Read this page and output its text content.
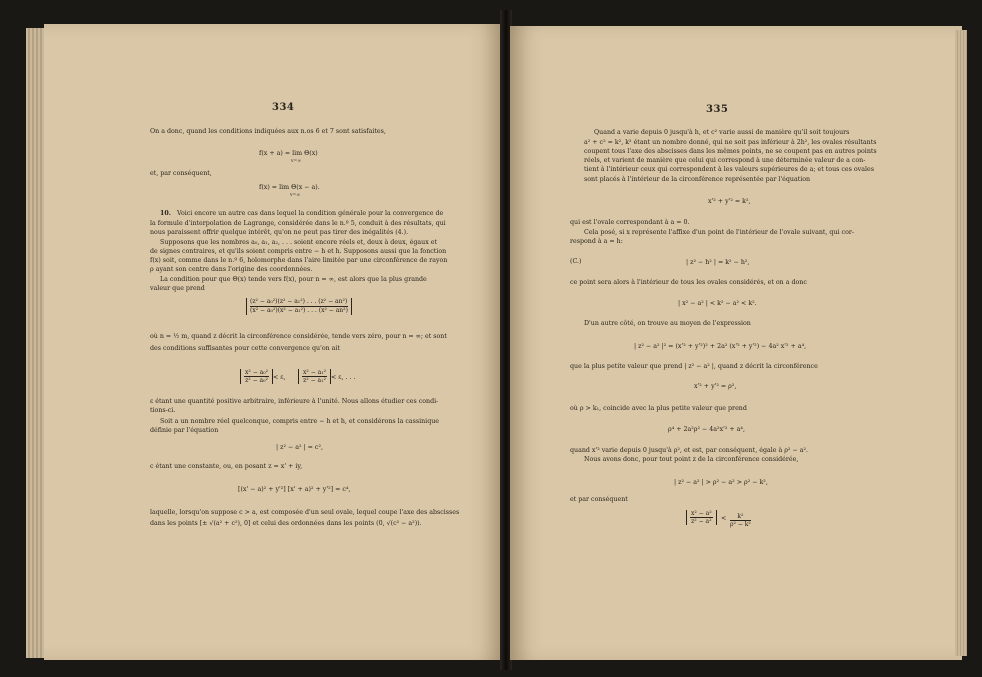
334
On a donc, quand les conditions indiquées aux n.os 6 et 7 sont satisfaites,
f(x + a) = lim Θ(x)
v=∞
et, par conséquent,
f(x) = lim Θ(x − a).
v=∞
10. Voici encore un autre cas dans lequel la condition générale pour la convergence de
la formule d'interpolation de Lagrange, considérée dans le n.º 5, conduit à des résultats, qui
nous paraissent offrir quelque intérêt, qu'on ne peut pas tirer des inégalités (4.).
Supposons que les nombres a₀, a₁, a₂, . . . soient encore réels et, deux à deux, égaux et
de signes contraires, et qu'ils soient compris entre − h et h. Supposons aussi que la fonction
f(x) soit, comme dans le n.º 6, holomorphe dans l'aire limitée par une circonférence de rayon
ρ ayant son centre dans l'origine des coordonnées.
La condition pour que Θ(x) tende vers f(x), pour n = ∞, est alors que la plus grande
valeur que prend
$\frac{\text{(z² − a₀²)(z² − a₁²) . . . (z² − an²)}}{\text{(x² − a₀²)(x² − a₁²) . . . (x² − an²)}}$
où n = ½ m, quand z décrit la circonférence considérée, tende vers zéro, pour n = ∞; et sont
des conditions suffisantes pour cette convergence qu'on ait
$\frac{\text{x² − a₀²}}{\text{z² − a₀²}} < \varepsilon$,	$\frac{\text{x² − a₁²}}{\text{z² − a₁²}} < \varepsilon$, . . .
ε étant une quantité positive arbitraire, inférieure à l'unité. Nous allons étudier ces condi-
tions-ci.
Soit a un nombre réel quelconque, compris entre − h et h, et considérons la cassinique
définie par l'équation
| z² − a² | = c²,
c étant une constante, ou, en posant z = x' + iy,
[(x' − a)² + y'²] [x' + a)² + y'²] = c⁴,
laquelle, lorsqu'on suppose c > a, est composée d'un seul ovale, lequel coupe l'axe des abscisses
dans les points [± √(a² + c²), 0] et celui des ordonnées dans les points (0, √(c² − a²)).
335
Quand a varie depuis 0 jusqu'à h, et c² varie aussi de manière qu'il soit toujours
a² + c² = k², k² étant un nombre donné, qui ne soit pas inférieur à 2h², les ovales résultants
coupent tous l'axe des abscisses dans les mêmes points, ne se coupent pas en autres points
réels, et varient de manière que celui qui correspond à une déterminée valeur de a con-
tient à l'intérieur ceux qui correspondent à les valeurs supérieures de a; et tous ces ovales
sont placés à l'intérieur de la circonférence représentée par l'équation
x'² + y'² = k²,
qui est l'ovale correspondant à a = 0.
Cela posé, si x représente l'affixe d'un point de l'intérieur de l'ovale suivant, qui cor-
respond à a = h:
(C.)	| z² − h² | = k² − h²,
ce point sera alors à l'intérieur de tous les ovales considérés, et on a donc
| x² − a² | < k² − a² < k².
D'un autre côté, on trouve au moyen de l'expression
| z² − a² |² = (x'² + y'²)² + 2a² (x'² + y'²) − 4a² x'² + a⁴,
que la plus petite valeur que prend | z² − a² |, quand z décrit la circonférence
x'² + y'² = ρ²,
où ρ > k₁, coincide avec la plus petite valeur que prend
ρ⁴ + 2a²ρ² − 4a²x'² + a⁴,
quand x'² varie depuis 0 jusqu'à ρ², et est, par conséquent, égale à ρ² − a².
Nous avons donc, pour tout point z de la circonférence considérée,
| z² − a² | > ρ² − a² > ρ² − k²,
et par conséquent
$\frac{\text{x² − a²}}{\text{z² − a²}} < \frac{\text{k²}}{\text{ρ² − k²}}$
